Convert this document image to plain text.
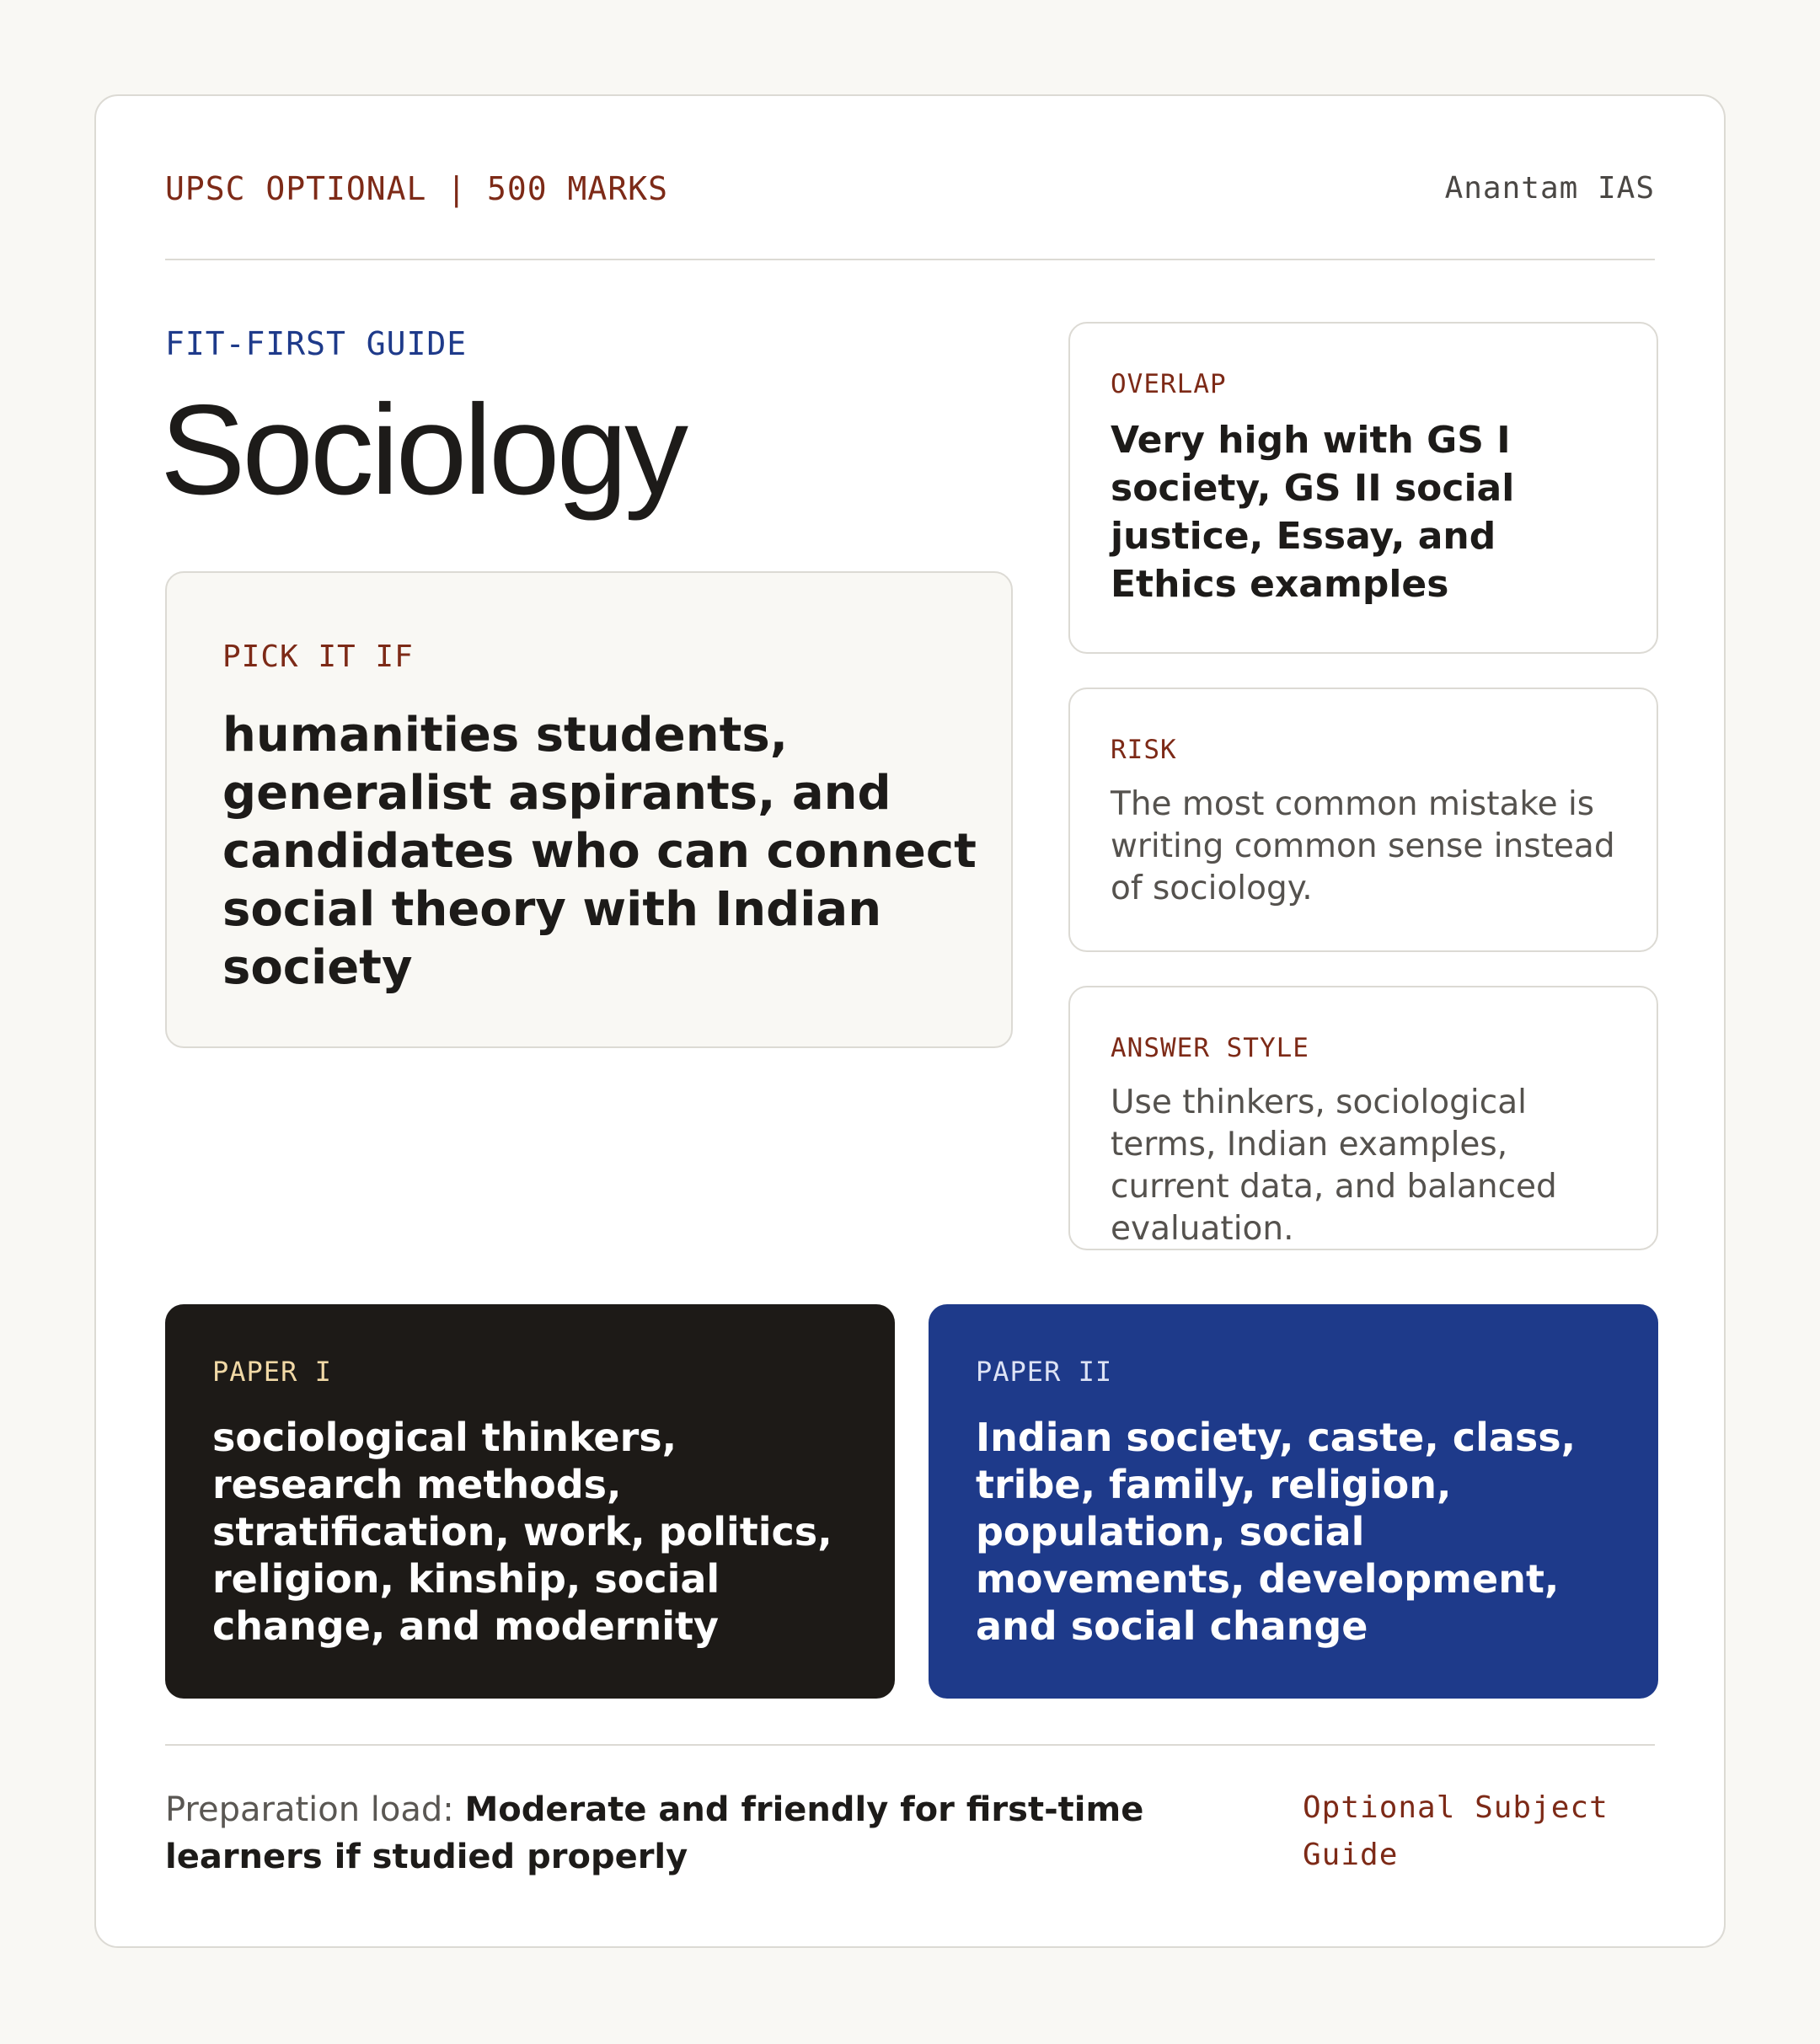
UPSC OPTIONAL | 500 MARKS	Anantam IAS
FIT-FIRST GUIDE
Sociology
PICK IT IF
humanities students, generalist aspirants, and candidates who can connect social theory with Indian society
OVERLAP
Very high with GS I society, GS II social justice, Essay, and Ethics examples
RISK
The most common mistake is writing common sense instead of sociology.
ANSWER STYLE
Use thinkers, sociological terms, Indian examples, current data, and balanced evaluation.
PAPER I
sociological thinkers, research methods, stratification, work, politics, religion, kinship, social change, and modernity
PAPER II
Indian society, caste, class, tribe, family, religion, population, social movements, development, and social change
Preparation load: Moderate and friendly for first-time learners if studied properly
Optional Subject Guide
